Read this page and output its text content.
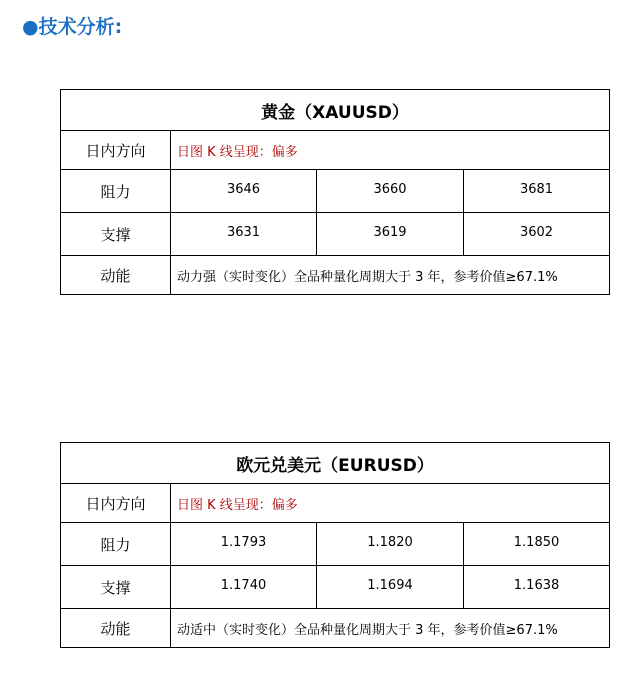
●技术分析:
黄金（XAUUSD）			
日内方向	日图 K 线呈现：偏多		
阻力	3646	3660	3681
支撑	3631	3619	3602
动能	动力强（实时变化）全品种量化周期大于 3 年，参考价值≥67.1%		
欧元兑美元（EURUSD）			
日内方向	日图 K 线呈现：偏多		
阻力	1.1793	1.1820	1.1850
支撑	1.1740	1.1694	1.1638
动能	动适中（实时变化）全品种量化周期大于 3 年，参考价值≥67.1%		
